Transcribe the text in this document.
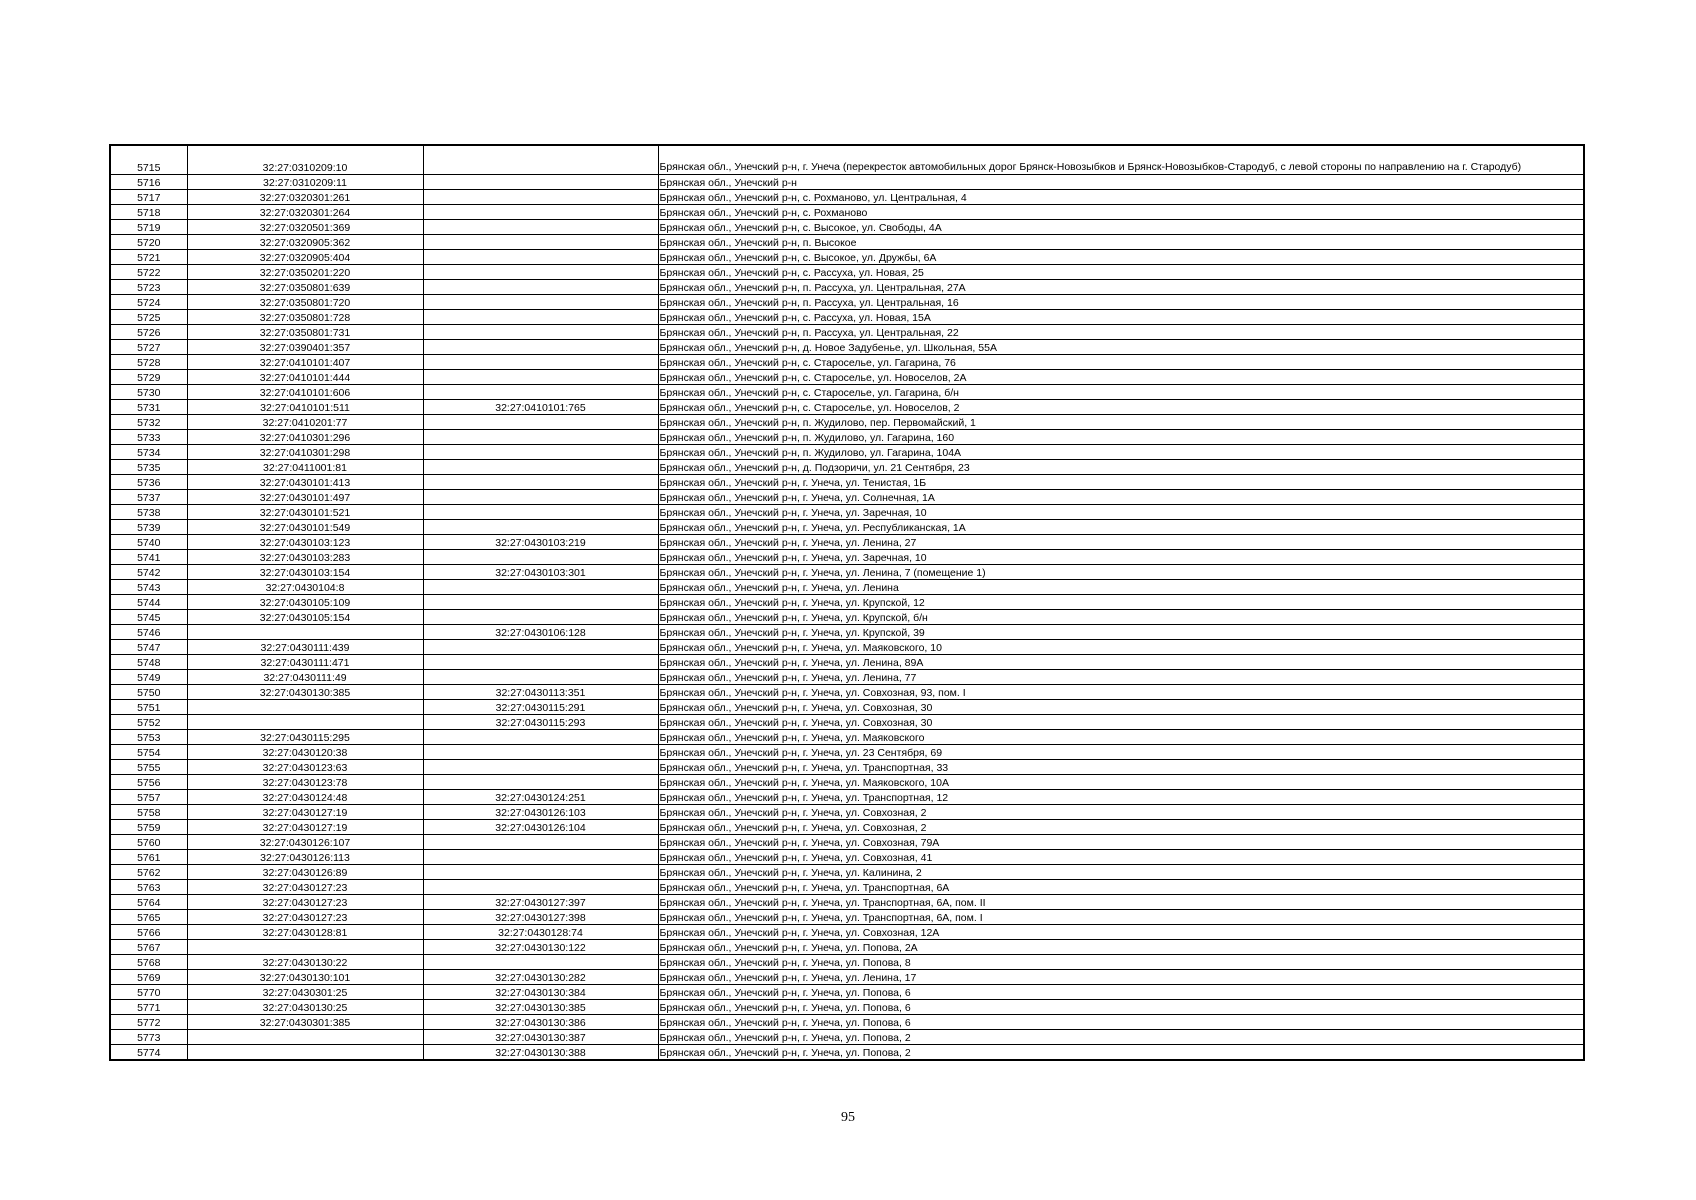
5715	32:27:0310209:10		Брянская обл., Унечский р-н, г. Унеча (перекресток автомобильных дорог Брянск-Новозыбков и Брянск-Новозыбков-Стародуб, с левой стороны по направлению на г. Стародуб)
5716	32:27:0310209:11		Брянская обл., Унечский р-н
5717	32:27:0320301:261		Брянская обл., Унечский р-н, с. Рохманово, ул. Центральная, 4
5718	32:27:0320301:264		Брянская обл., Унечский р-н, с. Рохманово
5719	32:27:0320501:369		Брянская обл., Унечский р-н, с. Высокое, ул. Свободы, 4А
5720	32:27:0320905:362		Брянская обл., Унечский р-н, п. Высокое
5721	32:27:0320905:404		Брянская обл., Унечский р-н, с. Высокое, ул. Дружбы, 6А
5722	32:27:0350201:220		Брянская обл., Унечский р-н, с. Рассуха, ул. Новая, 25
5723	32:27:0350801:639		Брянская обл., Унечский р-н, п. Рассуха, ул. Центральная, 27А
5724	32:27:0350801:720		Брянская обл., Унечский р-н, п. Рассуха, ул. Центральная, 16
5725	32:27:0350801:728		Брянская обл., Унечский р-н, с. Рассуха, ул. Новая, 15А
5726	32:27:0350801:731		Брянская обл., Унечский р-н, п. Рассуха, ул. Центральная, 22
5727	32:27:0390401:357		Брянская обл., Унечский р-н, д. Новое Задубенье, ул. Школьная, 55А
5728	32:27:0410101:407		Брянская обл., Унечский р-н, с. Староселье, ул. Гагарина, 76
5729	32:27:0410101:444		Брянская обл., Унечский р-н, с. Староселье, ул. Новоселов, 2А
5730	32:27:0410101:606		Брянская обл., Унечский р-н, с. Староселье, ул. Гагарина, б/н
5731	32:27:0410101:511	32:27:0410101:765	Брянская обл., Унечский р-н, с. Староселье, ул. Новоселов, 2
5732	32:27:0410201:77		Брянская обл., Унечский р-н, п. Жудилово, пер. Первомайский, 1
5733	32:27:0410301:296		Брянская обл., Унечский р-н, п. Жудилово, ул. Гагарина, 160
5734	32:27:0410301:298		Брянская обл., Унечский р-н, п. Жудилово, ул. Гагарина, 104А
5735	32:27:0411001:81		Брянская обл., Унечский р-н, д. Подзоричи, ул. 21 Сентября, 23
5736	32:27:0430101:413		Брянская обл., Унечский р-н, г. Унеча, ул. Тенистая, 1Б
5737	32:27:0430101:497		Брянская обл., Унечский р-н, г. Унеча, ул. Солнечная, 1А
5738	32:27:0430101:521		Брянская обл., Унечский р-н, г. Унеча, ул. Заречная, 10
5739	32:27:0430101:549		Брянская обл., Унечский р-н, г. Унеча, ул. Республиканская, 1А
5740	32:27:0430103:123	32:27:0430103:219	Брянская обл., Унечский р-н, г. Унеча, ул. Ленина, 27
5741	32:27:0430103:283		Брянская обл., Унечский р-н, г. Унеча, ул. Заречная, 10
5742	32:27:0430103:154	32:27:0430103:301	Брянская обл., Унечский р-н, г. Унеча, ул. Ленина, 7 (помещение 1)
5743	32:27:0430104:8		Брянская обл., Унечский р-н, г. Унеча, ул. Ленина
5744	32:27:0430105:109		Брянская обл., Унечский р-н, г. Унеча, ул. Крупской, 12
5745	32:27:0430105:154		Брянская обл., Унечский р-н, г. Унеча, ул. Крупской, б/н
5746		32:27:0430106:128	Брянская обл., Унечский р-н, г. Унеча, ул. Крупской, 39
5747	32:27:0430111:439		Брянская обл., Унечский р-н, г. Унеча, ул. Маяковского, 10
5748	32:27:0430111:471		Брянская обл., Унечский р-н, г. Унеча, ул. Ленина, 89А
5749	32:27:0430111:49		Брянская обл., Унечский р-н, г. Унеча, ул. Ленина, 77
5750	32:27:0430130:385	32:27:0430113:351	Брянская обл., Унечский р-н, г. Унеча, ул. Совхозная, 93, пом. I
5751		32:27:0430115:291	Брянская обл., Унечский р-н, г. Унеча, ул. Совхозная, 30
5752		32:27:0430115:293	Брянская обл., Унечский р-н, г. Унеча, ул. Совхозная, 30
5753	32:27:0430115:295		Брянская обл., Унечский р-н, г. Унеча, ул. Маяковского
5754	32:27:0430120:38		Брянская обл., Унечский р-н, г. Унеча, ул. 23 Сентября, 69
5755	32:27:0430123:63		Брянская обл., Унечский р-н, г. Унеча, ул. Транспортная, 33
5756	32:27:0430123:78		Брянская обл., Унечский р-н, г. Унеча, ул. Маяковского, 10А
5757	32:27:0430124:48	32:27:0430124:251	Брянская обл., Унечский р-н, г. Унеча, ул. Транспортная, 12
5758	32:27:0430127:19	32:27:0430126:103	Брянская обл., Унечский р-н, г. Унеча, ул. Совхозная, 2
5759	32:27:0430127:19	32:27:0430126:104	Брянская обл., Унечский р-н, г. Унеча, ул. Совхозная, 2
5760	32:27:0430126:107		Брянская обл., Унечский р-н, г. Унеча, ул. Совхозная, 79А
5761	32:27:0430126:113		Брянская обл., Унечский р-н, г. Унеча, ул. Совхозная, 41
5762	32:27:0430126:89		Брянская обл., Унечский р-н, г. Унеча, ул. Калинина, 2
5763	32:27:0430127:23		Брянская обл., Унечский р-н, г. Унеча, ул. Транспортная, 6А
5764	32:27:0430127:23	32:27:0430127:397	Брянская обл., Унечский р-н, г. Унеча, ул. Транспортная, 6А, пом. II
5765	32:27:0430127:23	32:27:0430127:398	Брянская обл., Унечский р-н, г. Унеча, ул. Транспортная, 6А, пом. I
5766	32:27:0430128:81	32:27:0430128:74	Брянская обл., Унечский р-н, г. Унеча, ул. Совхозная, 12А
5767		32:27:0430130:122	Брянская обл., Унечский р-н, г. Унеча, ул. Попова, 2А
5768	32:27:0430130:22		Брянская обл., Унечский р-н, г. Унеча, ул. Попова, 8
5769	32:27:0430130:101	32:27:0430130:282	Брянская обл., Унечский р-н, г. Унеча, ул. Ленина, 17
5770	32:27:0430301:25	32:27:0430130:384	Брянская обл., Унечский р-н, г. Унеча, ул. Попова, 6
5771	32:27:0430130:25	32:27:0430130:385	Брянская обл., Унечский р-н, г. Унеча, ул. Попова, 6
5772	32:27:0430301:385	32:27:0430130:386	Брянская обл., Унечский р-н, г. Унеча, ул. Попова, 6
5773		32:27:0430130:387	Брянская обл., Унечский р-н, г. Унеча, ул. Попова, 2
5774		32:27:0430130:388	Брянская обл., Унечский р-н, г. Унеча, ул. Попова, 2
95
